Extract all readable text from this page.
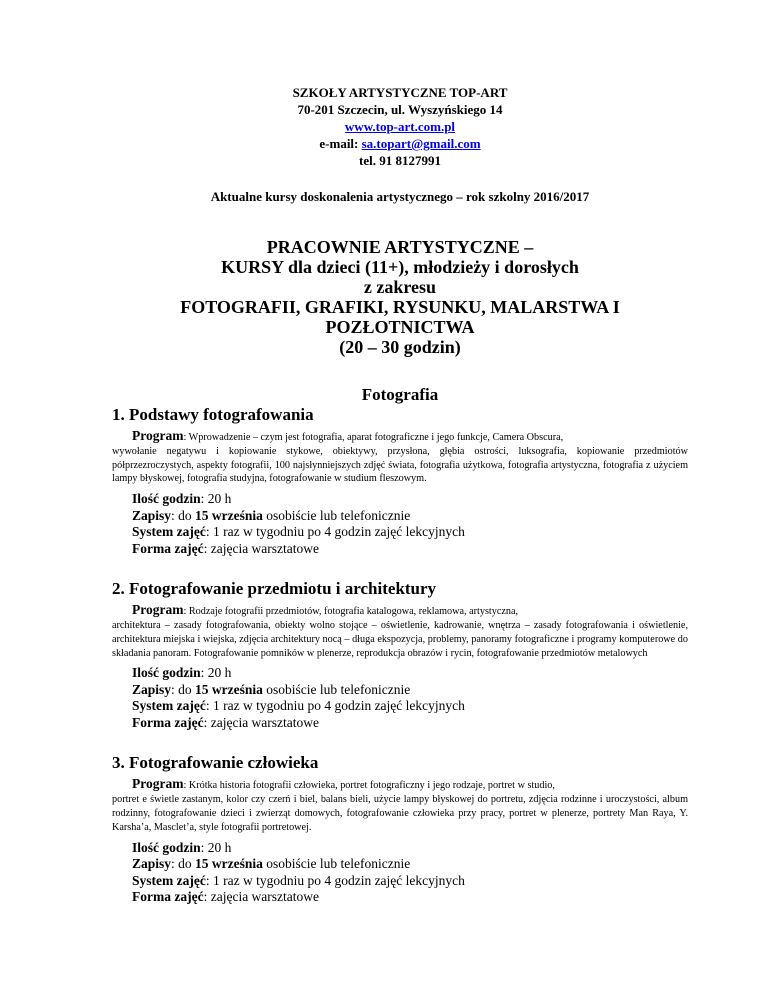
SZKOŁY ARTYSTYCZNE TOP-ART
70-201 Szczecin, ul. Wyszyńskiego 14
www.top-art.com.pl
e-mail: sa.topart@gmail.com
tel. 91 8127991
Aktualne kursy doskonalenia artystycznego – rok szkolny 2016/2017
PRACOWNIE ARTYSTYCZNE –
KURSY dla dzieci (11+), młodzieży i dorosłych
z zakresu
FOTOGRAFII, GRAFIKI, RYSUNKU, MALARSTWA I
POZŁOTNICTWA
(20 – 30 godzin)
Fotografia
1. Podstawy fotografowania
Program: Wprowadzenie – czym jest fotografia, aparat fotograficzne i jego funkcje, Camera Obscura,
wywołanie negatywu i kopiowanie stykowe, obiektywy, przysłona, głębia ostrości, luksografia, kopiowanie przedmiotów półprzezroczystych, aspekty fotografii, 100 najsłynniejszych zdjęć świata, fotografia użytkowa, fotografia artystyczna, fotografia z użyciem lampy błyskowej, fotografia studyjna, fotografowanie w studium fleszowym.
Ilość godzin: 20 h
Zapisy: do 15 września osobiście lub telefonicznie
System zajęć: 1 raz w tygodniu po 4 godzin zajęć lekcyjnych
Forma zajęć: zajęcia warsztatowe
2. Fotografowanie przedmiotu i architektury
Program: Rodzaje fotografii przedmiotów, fotografia katalogowa, reklamowa, artystyczna,
architektura – zasady fotografowania, obiekty wolno stojące – oświetlenie, kadrowanie, wnętrza – zasady fotografowania i oświetlenie, architektura miejska i wiejska, zdjęcia architektury nocą – długa ekspozycja, problemy, panoramy fotograficzne i programy komputerowe do składania panoram. Fotografowanie pomników w plenerze, reprodukcja obrazów i rycin, fotografowanie przedmiotów metalowych
Ilość godzin: 20 h
Zapisy: do 15 września osobiście lub telefonicznie
System zajęć: 1 raz w tygodniu po 4 godzin zajęć lekcyjnych
Forma zajęć: zajęcia warsztatowe
3. Fotografowanie człowieka
Program: Krótka historia fotografii człowieka, portret fotograficzny i jego rodzaje, portret w studio,
portret e świetle zastanym, kolor czy czerń i biel, balans bieli, użycie lampy błyskowej do portretu, zdjęcia rodzinne i uroczystości, album rodzinny, fotografowanie dzieci i zwierząt domowych, fotografowanie człowieka przy pracy, portret w plenerze, portrety Man Raya, Y. Karsha’a, Masclet’a, style fotografii portretowej.
Ilość godzin: 20 h
Zapisy: do 15 września osobiście lub telefonicznie
System zajęć: 1 raz w tygodniu po 4 godzin zajęć lekcyjnych
Forma zajęć: zajęcia warsztatowe
